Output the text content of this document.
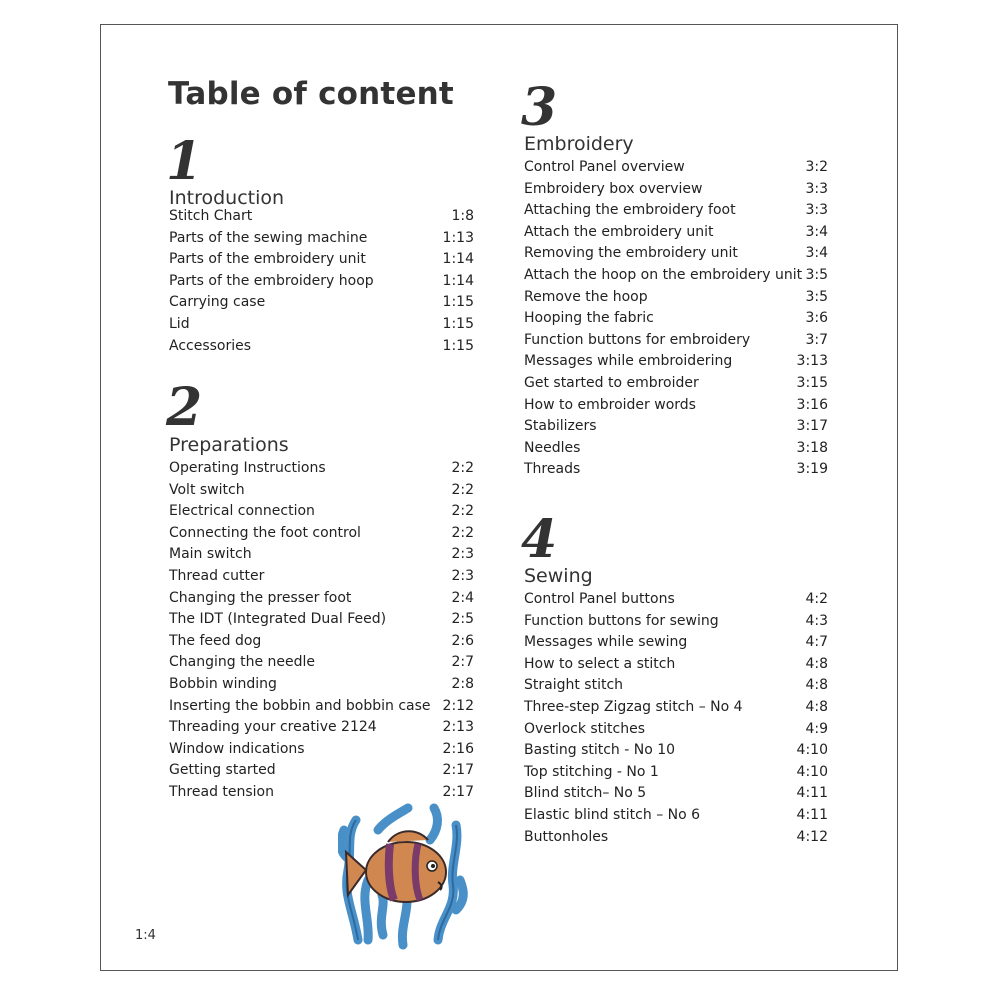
Table of content
1
Introduction
Stitch Chart	1:8
Parts of the sewing machine	1:13
Parts of the embroidery unit	1:14
Parts of the embroidery hoop	1:14
Carrying case	1:15
Lid	1:15
Accessories	1:15
2
Preparations
Operating Instructions	2:2
Volt switch	2:2
Electrical connection	2:2
Connecting the foot control	2:2
Main switch	2:3
Thread cutter	2:3
Changing the presser foot	2:4
The IDT (Integrated Dual Feed)	2:5
The feed dog	2:6
Changing the needle	2:7
Bobbin winding	2:8
Inserting the bobbin and bobbin case 2:12
Threading your creative 2124	2:13
Window indications	2:16
Getting started	2:17
Thread tension	2:17
3
Embroidery
Control Panel overview	3:2
Embroidery box overview	3:3
Attaching the embroidery foot	3:3
Attach the embroidery unit	3:4
Removing the embroidery unit	3:4
Attach the hoop on the embroidery unit 3:5
Remove the hoop	3:5
Hooping the fabric	3:6
Function buttons for embroidery	3:7
Messages while embroidering	3:13
Get started to embroider	3:15
How to embroider words	3:16
Stabilizers	3:17
Needles	3:18
Threads	3:19
4
Sewing
Control Panel buttons	4:2
Function buttons for sewing	4:3
Messages while sewing	4:7
How to select a stitch	4:8
Straight stitch	4:8
Three-step Zigzag stitch – No 4	4:8
Overlock stitches	4:9
Basting stitch - No 10	4:10
Top stitching - No 1	4:10
Blind stitch– No 5	4:11
Elastic blind stitch – No 6	4:11
Buttonholes	4:12
1:4
